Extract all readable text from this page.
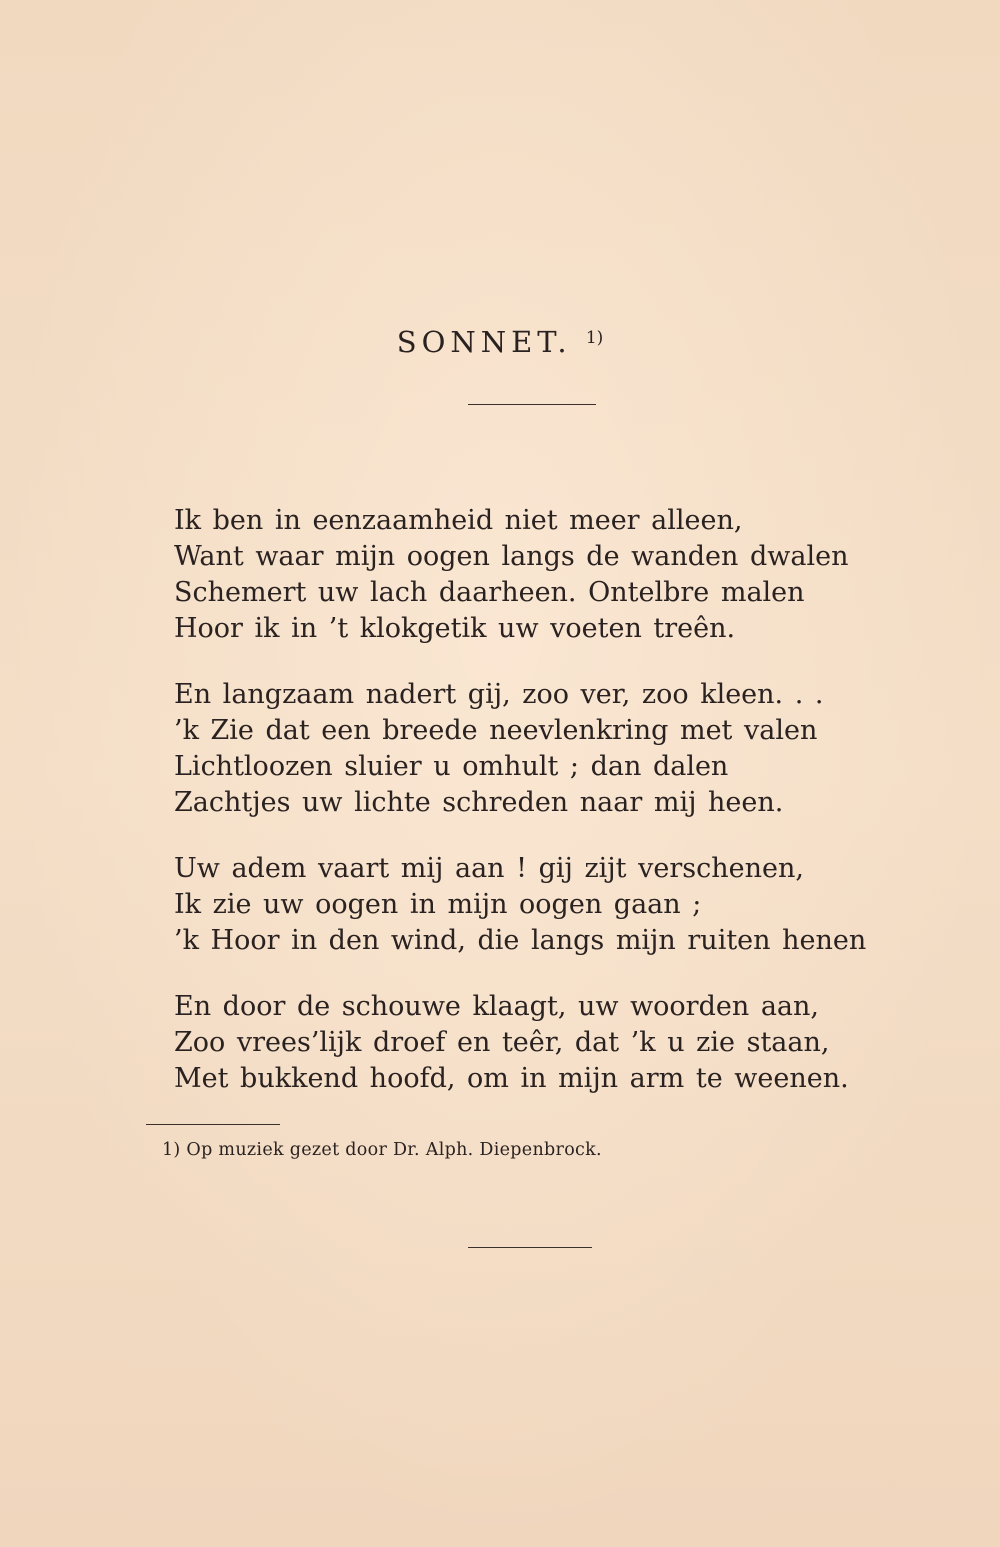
SONNET. $^{1)}$
Ik ben in eenzaamheid niet meer alleen,
Want waar mijn oogen langs de wanden dwalen
Schemert uw lach daarheen. Ontelbre malen
Hoor ik in ’t klokgetik uw voeten treên.
En langzaam nadert gij, zoo ver, zoo kleen. . .
’k Zie dat een breede neevlenkring met valen
Lichtloozen sluier u omhult ; dan dalen
Zachtjes uw lichte schreden naar mij heen.
Uw adem vaart mij aan ! gij zijt verschenen,
Ik zie uw oogen in mijn oogen gaan ;
’k Hoor in den wind, die langs mijn ruiten henen
En door de schouwe klaagt, uw woorden aan,
Zoo vrees’lijk droef en teêr, dat ’k u zie staan,
Met bukkend hoofd, om in mijn arm te weenen.
1) Op muziek gezet door Dr. Alph. Diepenbrock.
